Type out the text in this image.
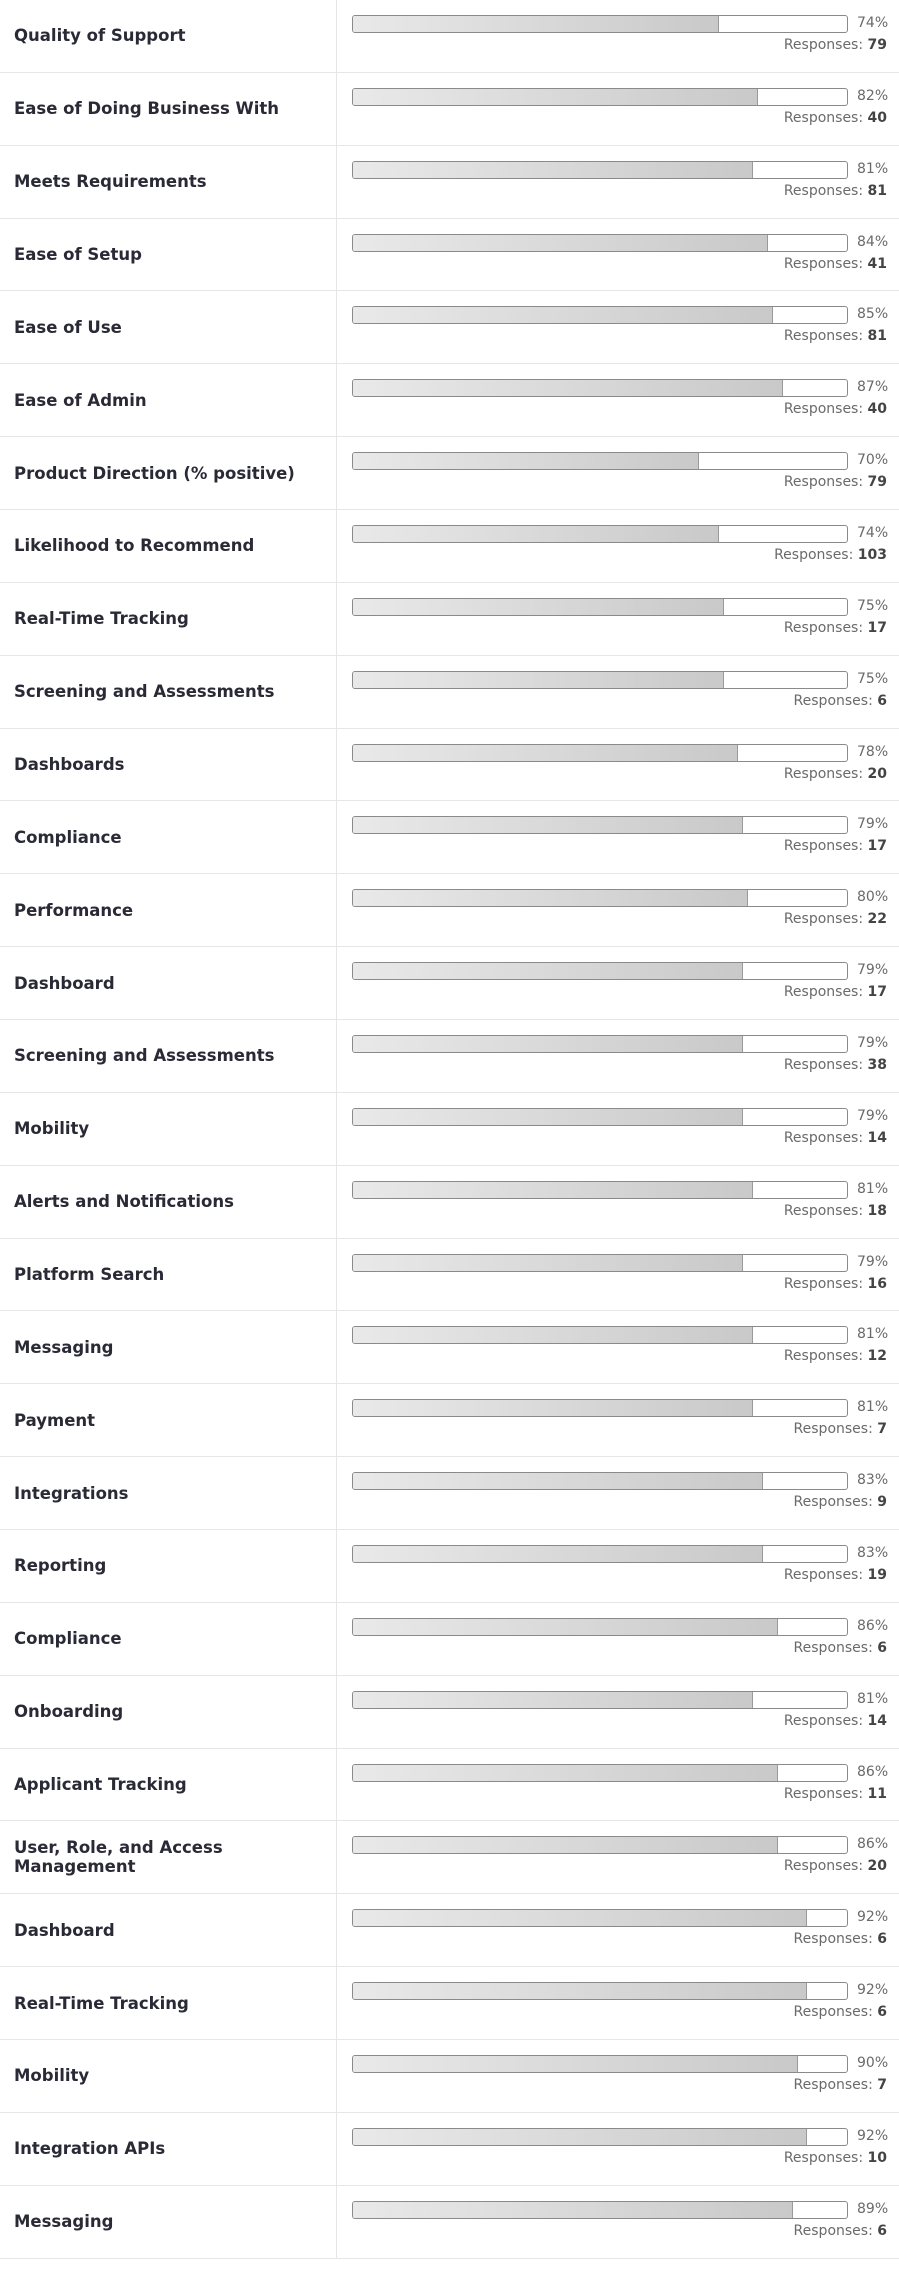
Quality of Support
74%
Responses: 79
Ease of Doing Business With
82%
Responses: 40
Meets Requirements
81%
Responses: 81
Ease of Setup
84%
Responses: 41
Ease of Use
85%
Responses: 81
Ease of Admin
87%
Responses: 40
Product Direction (% positive)
70%
Responses: 79
Likelihood to Recommend
74%
Responses: 103
Real-Time Tracking
75%
Responses: 17
Screening and Assessments
75%
Responses: 6
Dashboards
78%
Responses: 20
Compliance
79%
Responses: 17
Performance
80%
Responses: 22
Dashboard
79%
Responses: 17
Screening and Assessments
79%
Responses: 38
Mobility
79%
Responses: 14
Alerts and Notifications
81%
Responses: 18
Platform Search
79%
Responses: 16
Messaging
81%
Responses: 12
Payment
81%
Responses: 7
Integrations
83%
Responses: 9
Reporting
83%
Responses: 19
Compliance
86%
Responses: 6
Onboarding
81%
Responses: 14
Applicant Tracking
86%
Responses: 11
User, Role, and Access Management
86%
Responses: 20
Dashboard
92%
Responses: 6
Real-Time Tracking
92%
Responses: 6
Mobility
90%
Responses: 7
Integration APIs
92%
Responses: 10
Messaging
89%
Responses: 6
